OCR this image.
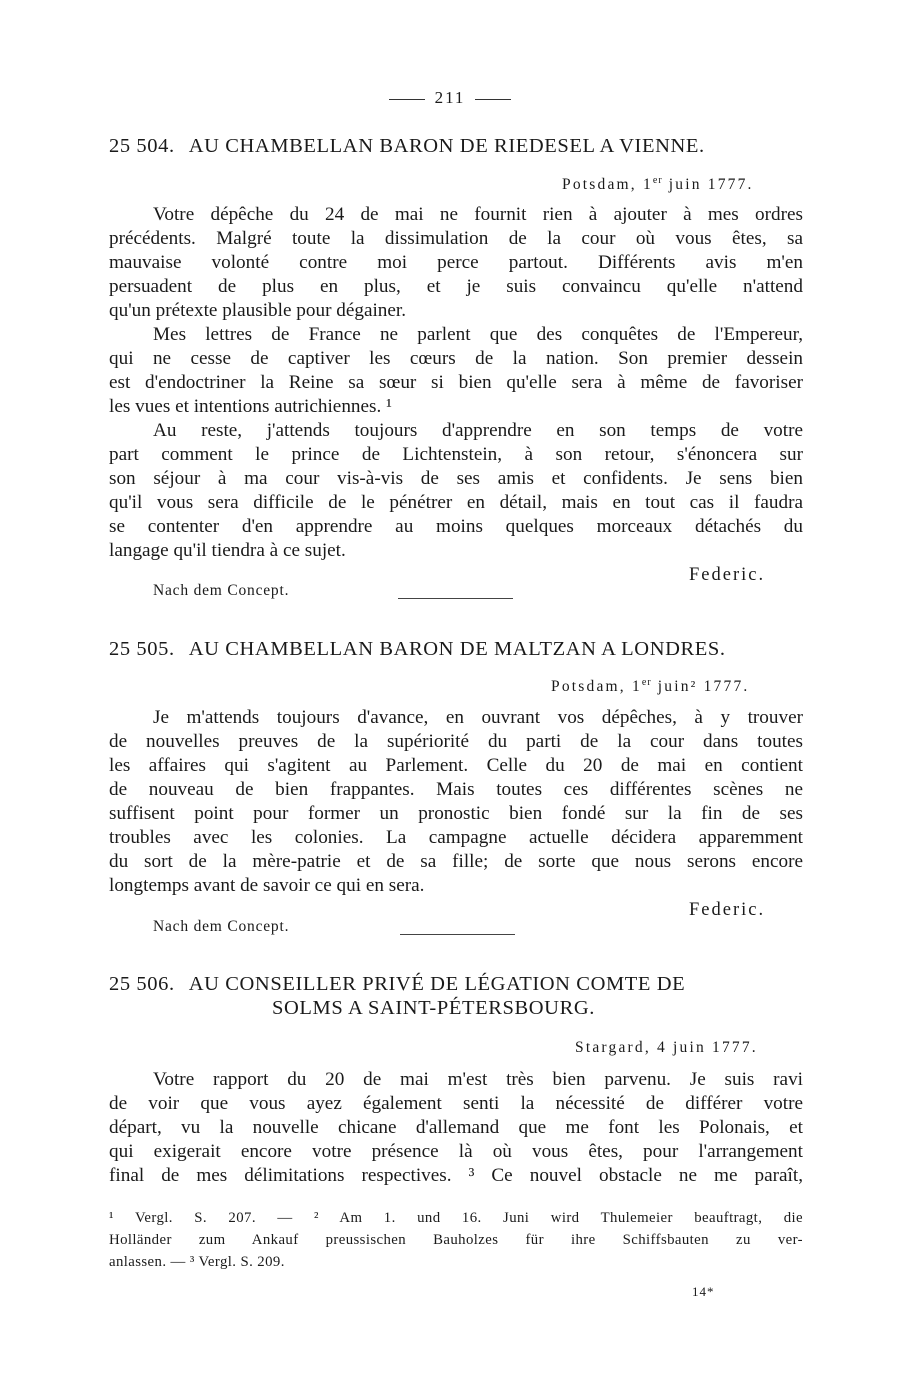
211
25 504. AU CHAMBELLAN BARON DE RIEDESEL A VIENNE.
Potsdam, 1er juin 1777.
Votre dépêche du 24 de mai ne fournit rien à ajouter à mes ordres
précédents. Malgré toute la dissimulation de la cour où vous êtes, sa
mauvaise volonté contre moi perce partout. Différents avis m'en
persuadent de plus en plus, et je suis convaincu qu'elle n'attend
qu'un prétexte plausible pour dégainer.
Mes lettres de France ne parlent que des conquêtes de l'Empereur,
qui ne cesse de captiver les cœurs de la nation. Son premier dessein
est d'endoctriner la Reine sa sœur si bien qu'elle sera à même de favoriser
les vues et intentions autrichiennes. ¹
Au reste, j'attends toujours d'apprendre en son temps de votre
part comment le prince de Lichtenstein, à son retour, s'énoncera sur
son séjour à ma cour vis-à-vis de ses amis et confidents. Je sens bien
qu'il vous sera difficile de le pénétrer en détail, mais en tout cas il faudra
se contenter d'en apprendre au moins quelques morceaux détachés du
langage qu'il tiendra à ce sujet.
Federic.
Nach dem Concept.
25 505. AU CHAMBELLAN BARON DE MALTZAN A LONDRES.
Potsdam, 1er juin² 1777.
Je m'attends toujours d'avance, en ouvrant vos dépêches, à y trouver
de nouvelles preuves de la supériorité du parti de la cour dans toutes
les affaires qui s'agitent au Parlement. Celle du 20 de mai en contient
de nouveau de bien frappantes. Mais toutes ces différentes scènes ne
suffisent point pour former un pronostic bien fondé sur la fin de ses
troubles avec les colonies. La campagne actuelle décidera apparemment
du sort de la mère-patrie et de sa fille; de sorte que nous serons encore
longtemps avant de savoir ce qui en sera.
Federic.
Nach dem Concept.
25 506. AU CONSEILLER PRIVÉ DE LÉGATION COMTE DE
SOLMS A SAINT-PÉTERSBOURG.
Stargard, 4 juin 1777.
Votre rapport du 20 de mai m'est très bien parvenu. Je suis ravi
de voir que vous ayez également senti la nécessité de différer votre
départ, vu la nouvelle chicane d'allemand que me font les Polonais, et
qui exigerait encore votre présence là où vous êtes, pour l'arrangement
final de mes délimitations respectives. ³ Ce nouvel obstacle ne me paraît,
¹ Vergl. S. 207. — ² Am 1. und 16. Juni wird Thulemeier beauftragt, die
Holländer zum Ankauf preussischen Bauholzes für ihre Schiffsbauten zu ver-
anlassen. — ³ Vergl. S. 209.
14*
